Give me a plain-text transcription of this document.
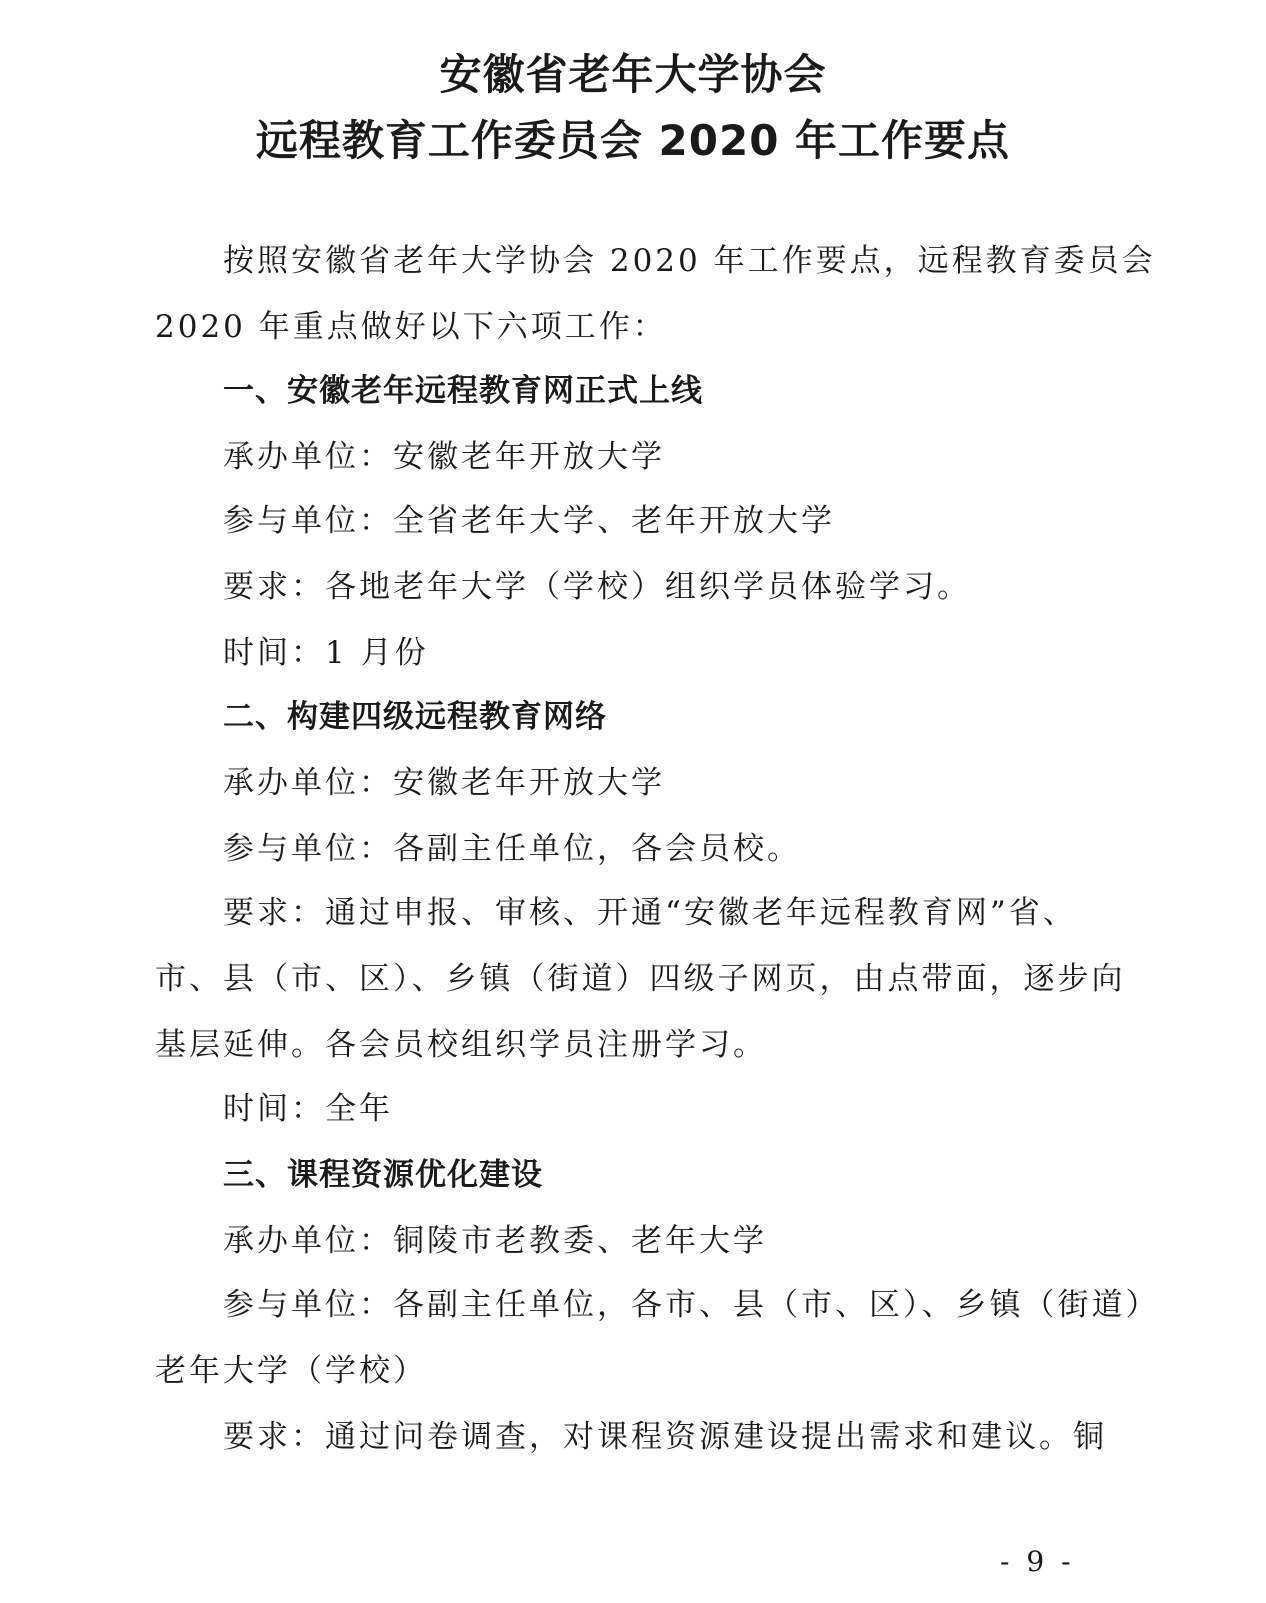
安徽省老年大学协会
远程教育工作委员会 2020 年工作要点
按照安徽省老年大学协会 2020 年工作要点，远程教育委员会
2020 年重点做好以下六项工作：
一、安徽老年远程教育网正式上线
承办单位：安徽老年开放大学
参与单位：全省老年大学、老年开放大学
要求：各地老年大学（学校）组织学员体验学习。
时间：1 月份
二、构建四级远程教育网络
承办单位：安徽老年开放大学
参与单位：各副主任单位，各会员校。
要求：通过申报、审核、开通“安徽老年远程教育网”省、
市、县（市、区）、乡镇（街道）四级子网页，由点带面，逐步向
基层延伸。各会员校组织学员注册学习。
时间：全年
三、课程资源优化建设
承办单位：铜陵市老教委、老年大学
参与单位：各副主任单位，各市、县（市、区）、乡镇（街道）
老年大学（学校）
要求：通过问卷调查，对课程资源建设提出需求和建议。铜
- 9 -
